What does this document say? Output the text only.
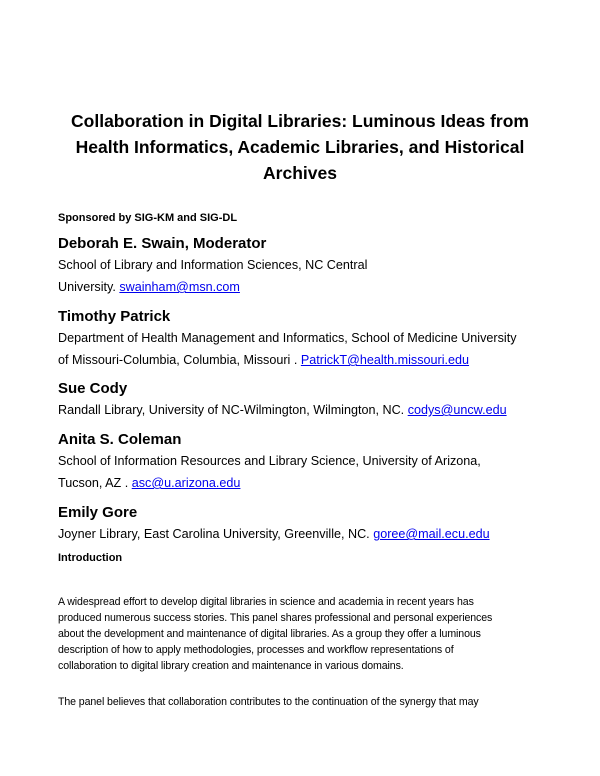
Collaboration in Digital Libraries: Luminous Ideas from
Health Informatics, Academic Libraries, and Historical
Archives
Sponsored by SIG-KM and SIG-DL
Deborah E. Swain, Moderator
School of Library and Information Sciences, NC Central
University. swainham@msn.com
Timothy Patrick
Department of Health Management and Informatics, School of Medicine University
of Missouri-Columbia, Columbia, Missouri . PatrickT@health.missouri.edu
Sue Cody
Randall Library, University of NC-Wilmington, Wilmington, NC. codys@uncw.edu
Anita S. Coleman
School of Information Resources and Library Science, University of Arizona,
Tucson, AZ . asc@u.arizona.edu
Emily Gore
Joyner Library, East Carolina University, Greenville, NC. goree@mail.ecu.edu
Introduction
A widespread effort to develop digital libraries in science and academia in recent years has
produced numerous success stories. This panel shares professional and personal experiences
about the development and maintenance of digital libraries. As a group they offer a luminous
description of how to apply methodologies, processes and workflow representations of
collaboration to digital library creation and maintenance in various domains.
The panel believes that collaboration contributes to the continuation of the synergy that may
